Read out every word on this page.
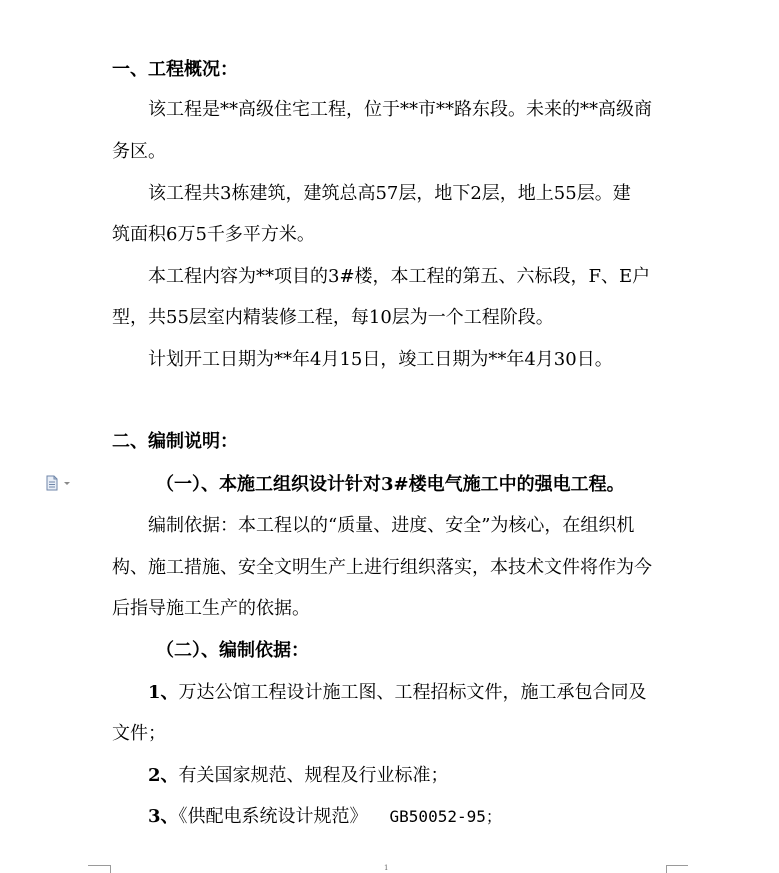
一、工程概况：
该工程是**高级住宅工程，位于**市**路东段。未来的**高级商
务区。
该工程共3栋建筑，建筑总高57层，地下2层，地上55层。建
筑面积6万5千多平方米。
本工程内容为**项目的3#楼，本工程的第五、六标段，F、E户
型，共55层室内精装修工程，每10层为一个工程阶段。
计划开工日期为**年4月15日，竣工日期为**年4月30日。
二、编制说明：
（一）、本施工组织设计针对3#楼电气施工中的强电工程。
编制依据：本工程以的“质量、进度、安全”为核心，在组织机
构、施工措施、安全文明生产上进行组织落实，本技术文件将作为今
后指导施工生产的依据。
（二）、编制依据：
1、万达公馆工程设计施工图、工程招标文件，施工承包合同及
文件；
2、有关国家规范、规程及行业标准；
3、《供配电系统设计规范》 GB50052-95；
1
